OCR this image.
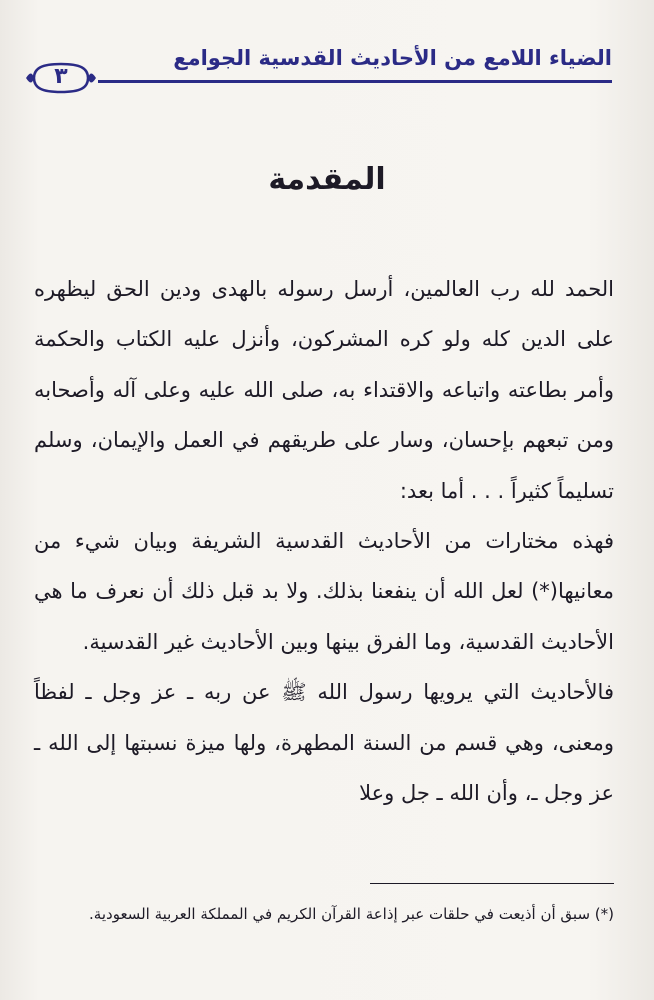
الضياء اللامع من الأحاديث القدسية الجوامع
٣
المقدمة

الحمد لله رب العالمين، أرسل رسوله بالهدى ودين الحق ليظهره على الدين كله ولو كره المشركون، وأنزل عليه الكتاب والحكمة وأمر بطاعته واتباعه والاقتداء به، صلى الله عليه وعلى آله وأصحابه ومن تبعهم بإحسان، وسار على طريقهم في العمل والإيمان، وسلم تسليماً كثيراً . . . أما بعد:

فهذه مختارات من الأحاديث القدسية الشريفة وبيان شيء من معانيها(*) لعل الله أن ينفعنا بذلك. ولا بد قبل ذلك أن نعرف ما هي الأحاديث القدسية، وما الفرق بينها وبين الأحاديث غير القدسية.

فالأحاديث التي يرويها رسول الله ﷺ عن ربه ـ عز وجل ـ لفظاً ومعنى، وهي قسم من السنة المطهرة، ولها ميزة نسبتها إلى الله ـ عز وجل ـ، وأن الله ـ جل وعلا

(*) سبق أن أذيعت في حلقات عبر إذاعة القرآن الكريم في المملكة العربية السعودية.
